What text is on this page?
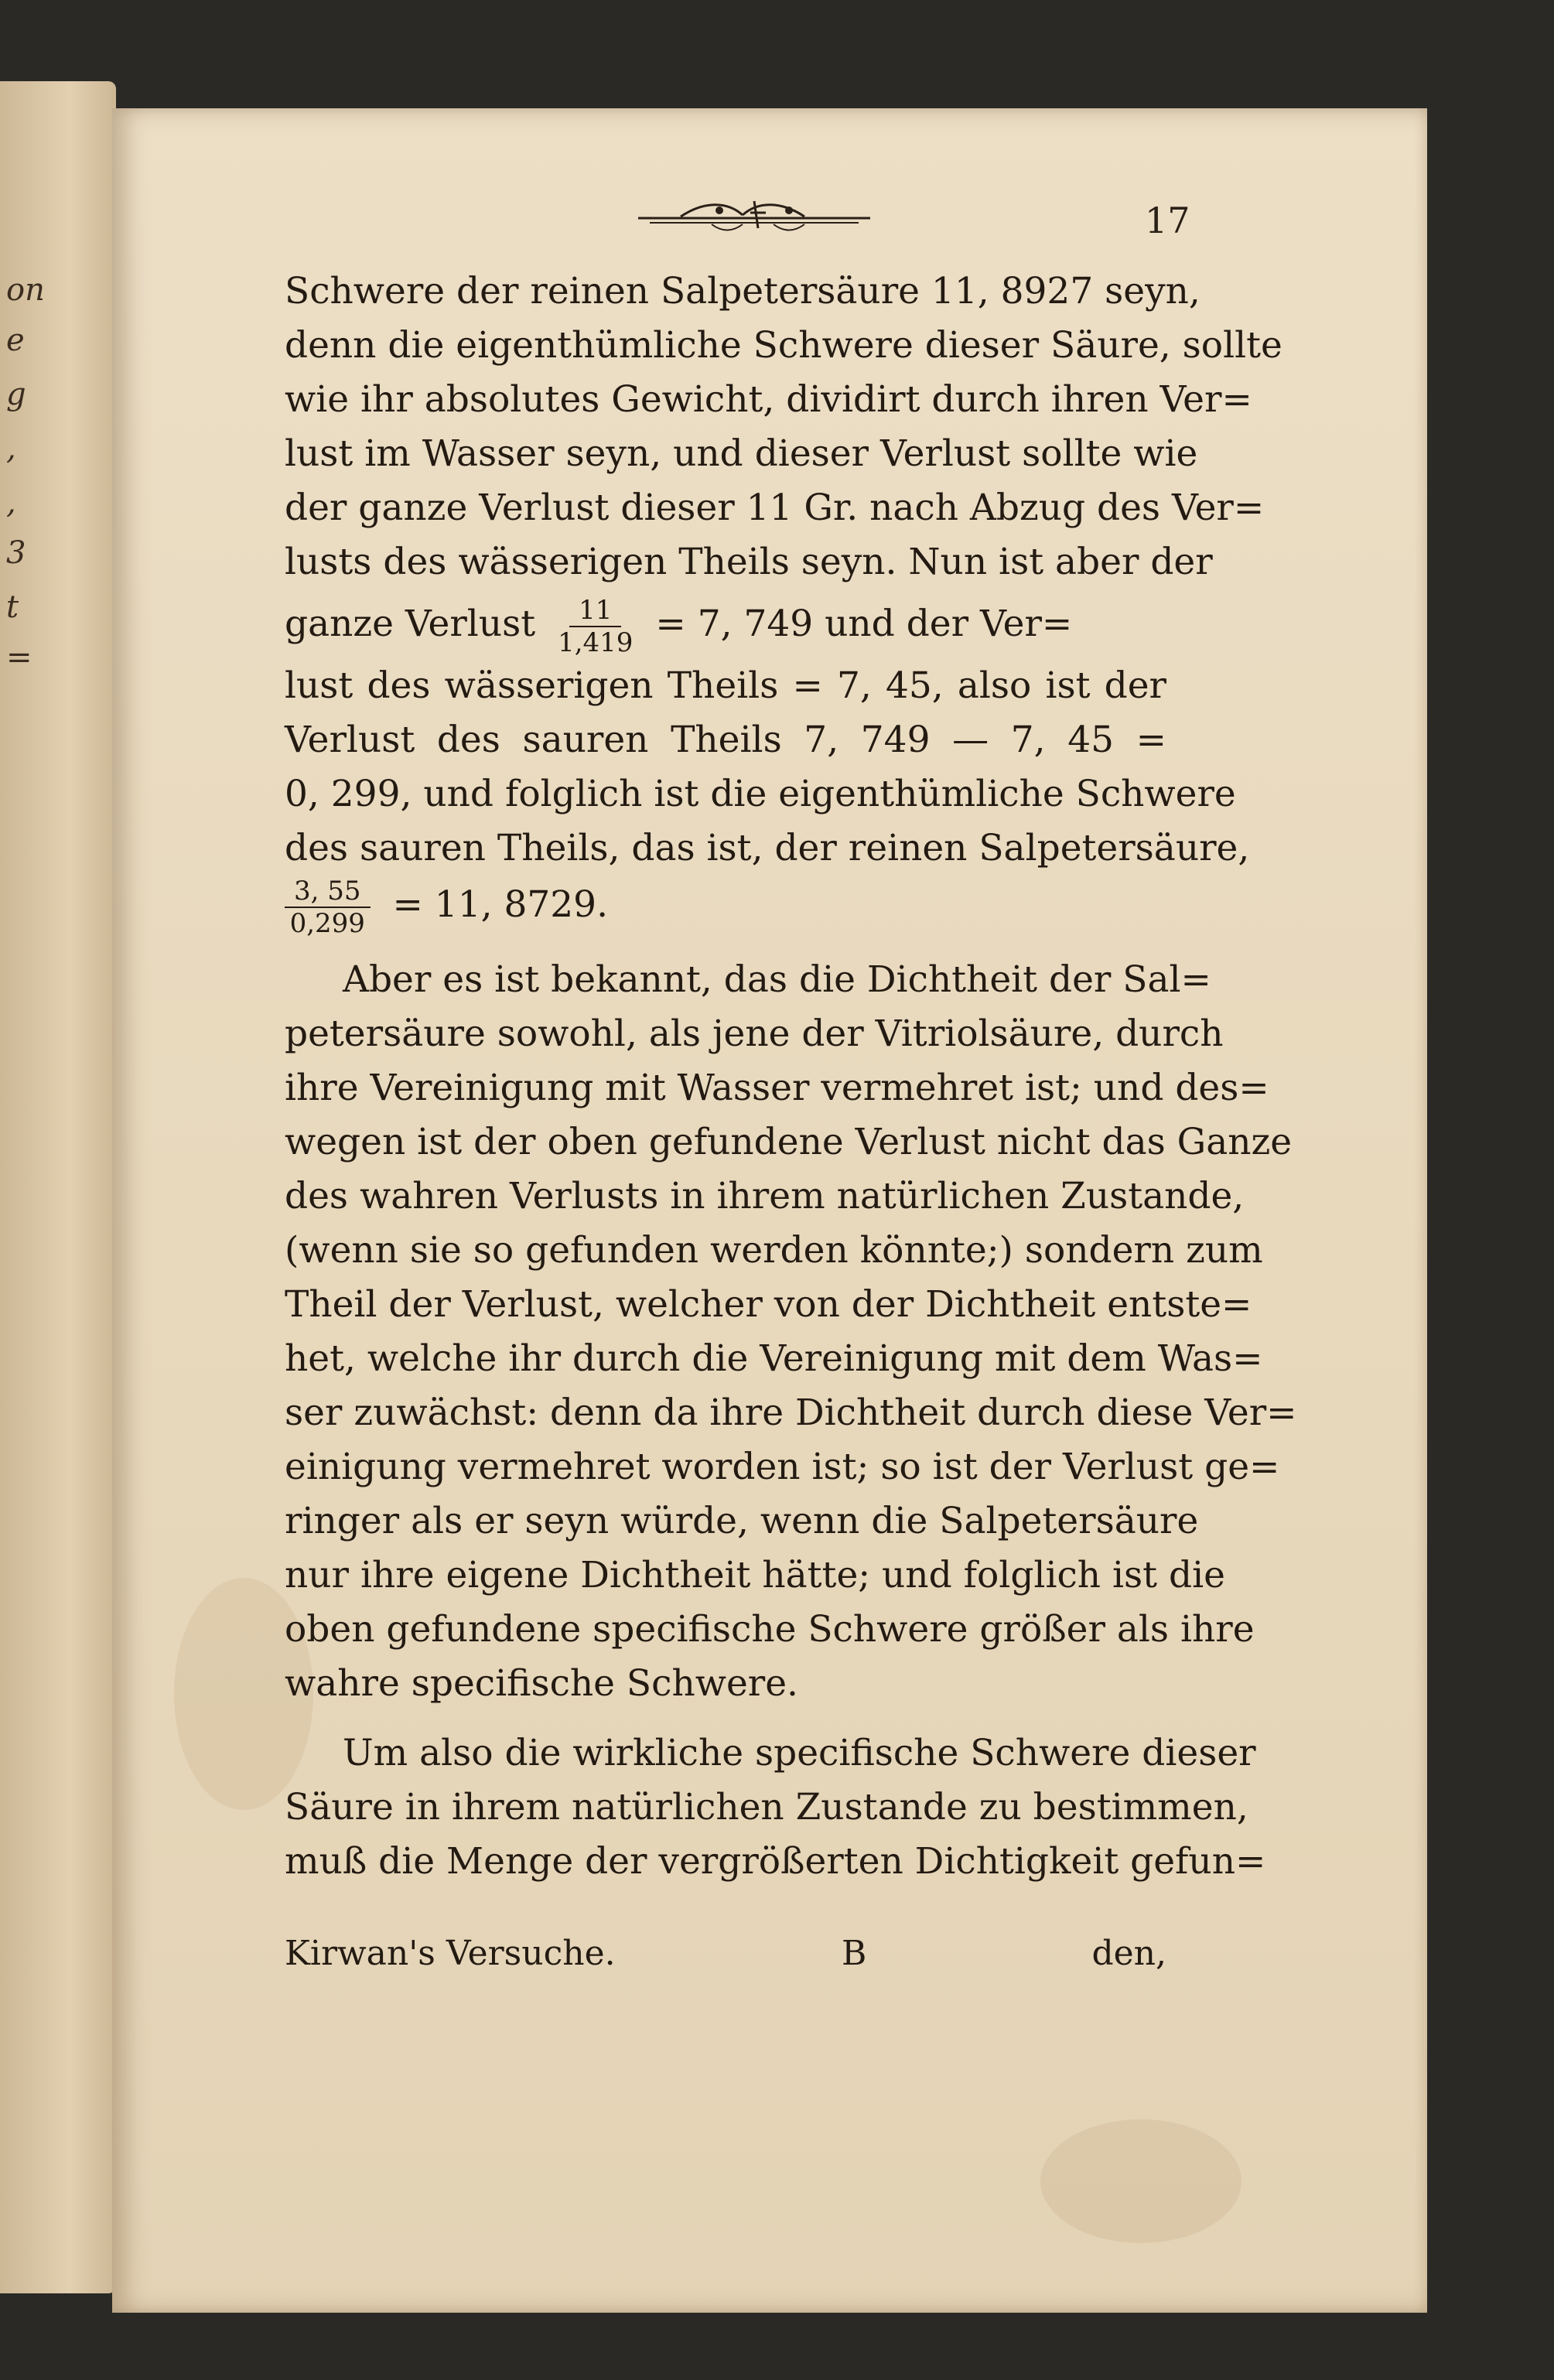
on
e
g
,
,
3
t
=
17
Schwere der reinen Salpetersäure 11, 8927 seyn,
denn die eigenthümliche Schwere dieser Säure, sollte
wie ihr absolutes Gewicht, dividirt durch ihren Ver=
lust im Wasser seyn, und dieser Verlust sollte wie
der ganze Verlust dieser 11 Gr. nach Abzug des Ver=
lusts des wässerigen Theils seyn. Nun ist aber der
ganze Verlust $\frac{11}{1,419} = 7$, 749 und der Ver=
lust des wässerigen Theils = 7, 45, also ist der
Verlust des sauren Theils 7, 749 — 7, 45 =
0, 299, und folglich ist die eigenthümliche Schwere
des sauren Theils, das ist, der reinen Salpetersäure,
$\frac{3, 55}{0,299} = 11$, 8729.
Aber es ist bekannt, das die Dichtheit der Sal=
petersäure sowohl, als jene der Vitriolsäure, durch
ihre Vereinigung mit Wasser vermehret ist; und des=
wegen ist der oben gefundene Verlust nicht das Ganze
des wahren Verlusts in ihrem natürlichen Zustande,
(wenn sie so gefunden werden könnte;) sondern zum
Theil der Verlust, welcher von der Dichtheit entste=
het, welche ihr durch die Vereinigung mit dem Was=
ser zuwächst: denn da ihre Dichtheit durch diese Ver=
einigung vermehret worden ist; so ist der Verlust ge=
ringer als er seyn würde, wenn die Salpetersäure
nur ihre eigene Dichtheit hätte; und folglich ist die
oben gefundene specifische Schwere größer als ihre
wahre specifische Schwere.
Um also die wirkliche specifische Schwere dieser
Säure in ihrem natürlichen Zustande zu bestimmen,
muß die Menge der vergrößerten Dichtigkeit gefun=
Kirwan's Versuche.	B	den,
